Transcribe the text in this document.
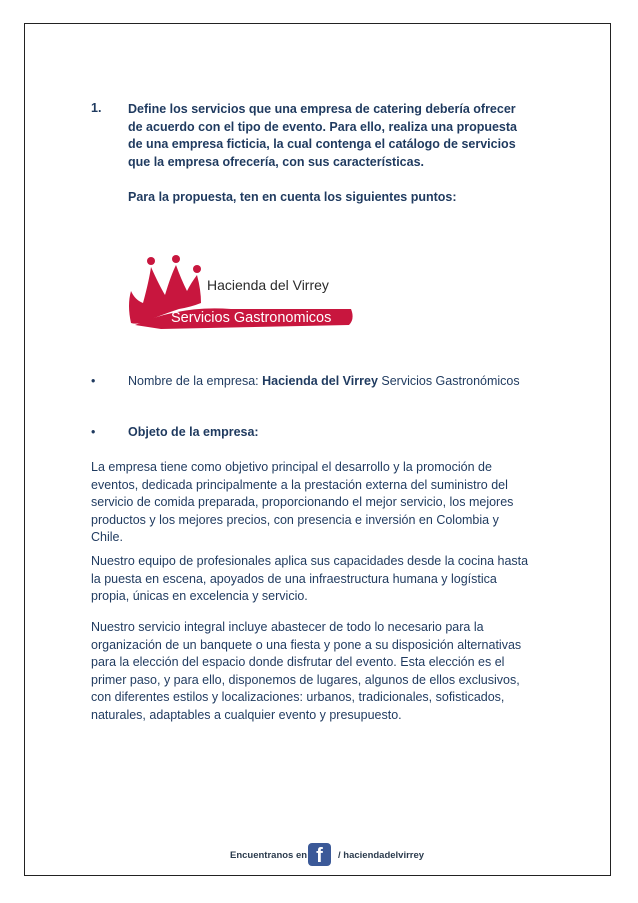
1. Define los servicios que una empresa de catering debería ofrecer
de acuerdo con el tipo de evento. Para ello, realiza una propuesta
de una empresa ficticia, la cual contenga el catálogo de servicios
que la empresa ofrecería, con sus características.
Para la propuesta, ten en cuenta los siguientes puntos:
Hacienda del Virrey
Servicios Gastronomicos
•	Nombre de la empresa: Hacienda del Virrey Servicios Gastronómicos
•	Objeto de la empresa:
La empresa tiene como objetivo principal el desarrollo y la promoción de
eventos, dedicada principalmente a la prestación externa del suministro del
servicio de comida preparada, proporcionando el mejor servicio, los mejores
productos y los mejores precios, con presencia e inversión en Colombia y
Chile.
Nuestro equipo de profesionales aplica sus capacidades desde la cocina hasta
la puesta en escena, apoyados de una infraestructura humana y logística
propia, únicas en excelencia y servicio.
Nuestro servicio integral incluye abastecer de todo lo necesario para la
organización de un banquete o una fiesta y pone a su disposición alternativas
para la elección del espacio donde disfrutar del evento. Esta elección es el
primer paso, y para ello, disponemos de lugares, algunos de ellos exclusivos,
con diferentes estilos y localizaciones: urbanos, tradicionales, sofisticados,
naturales, adaptables a cualquier evento y presupuesto.
Encuentranos en f	/ haciendadelvirrey
